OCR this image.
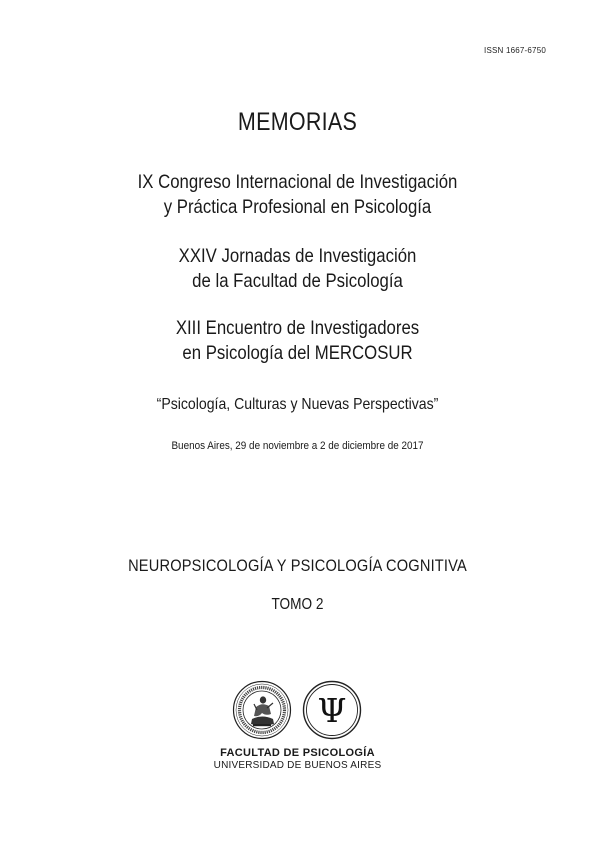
ISSN 1667-6750
MEMORIAS
IX Congreso Internacional de Investigación
y Práctica Profesional en Psicología
XXIV Jornadas de Investigación
de la Facultad de Psicología
XIII Encuentro de Investigadores
en Psicología del MERCOSUR
“Psicología, Culturas y Nuevas Perspectivas”
Buenos Aires, 29 de noviembre a 2 de diciembre de 2017
NEUROPSICOLOGÍA Y PSICOLOGÍA COGNITIVA
TOMO 2
Ψ
FACULTAD DE PSICOLOGÍA
UNIVERSIDAD DE BUENOS AIRES
